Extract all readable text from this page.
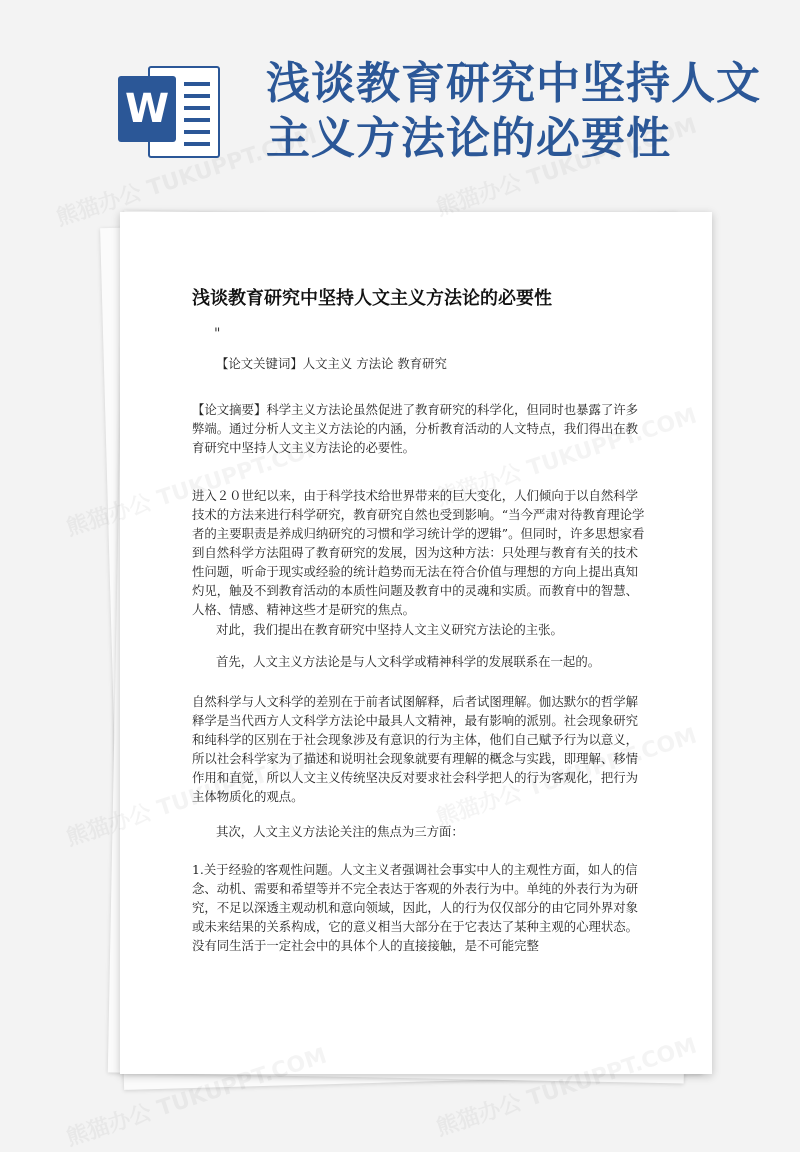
W 浅谈教育研究中坚持人文主义方法论的必要性
浅谈教育研究中坚持人文主义方法论的必要性
"

【论文关键词】人文主义 方法论 教育研究

【论文摘要】科学主义方法论虽然促进了教育研究的科学化，但同时也暴露了许多弊端。通过分析人文主义方法论的内涵，分析教育活动的人文特点，我们得出在教育研究中坚持人文主义方法论的必要性。

进入２０世纪以来，由于科学技术给世界带来的巨大变化，人们倾向于以自然科学技术的方法来进行科学研究，教育研究自然也受到影响。“当今严肃对待教育理论学者的主要职责是养成归纳研究的习惯和学习统计学的逻辑”。但同时，许多思想家看到自然科学方法阻碍了教育研究的发展，因为这种方法：只处理与教育有关的技术性问题，听命于现实或经验的统计趋势而无法在符合价值与理想的方向上提出真知灼见，触及不到教育活动的本质性问题及教育中的灵魂和实质。而教育中的智慧、人格、情感、精神这些才是研究的焦点。

对此，我们提出在教育研究中坚持人文主义研究方法论的主张。

首先，人文主义方法论是与人文科学或精神科学的发展联系在一起的。

自然科学与人文科学的差别在于前者试图解释，后者试图理解。伽达默尔的哲学解释学是当代西方人文科学方法论中最具人文精神，最有影响的派别。社会现象研究和纯科学的区别在于社会现象涉及有意识的行为主体，他们自己赋予行为以意义，所以社会科学家为了描述和说明社会现象就要有理解的概念与实践，即理解、移情作用和直觉，所以人文主义传统坚决反对要求社会科学把人的行为客观化，把行为主体物质化的观点。

其次，人文主义方法论关注的焦点为三方面：

1.关于经验的客观性问题。人文主义者强调社会事实中人的主观性方面，如人的信念、动机、需要和希望等并不完全表达于客观的外表行为中。单纯的外表行为为研究，不足以深透主观动机和意向领域，因此，人的行为仅仅部分的由它同外界对象或未来结果的关系构成，它的意义相当大部分在于它表达了某种主观的心理状态。没有同生活于一定社会中的具体个人的直接接触，是不可能完整
